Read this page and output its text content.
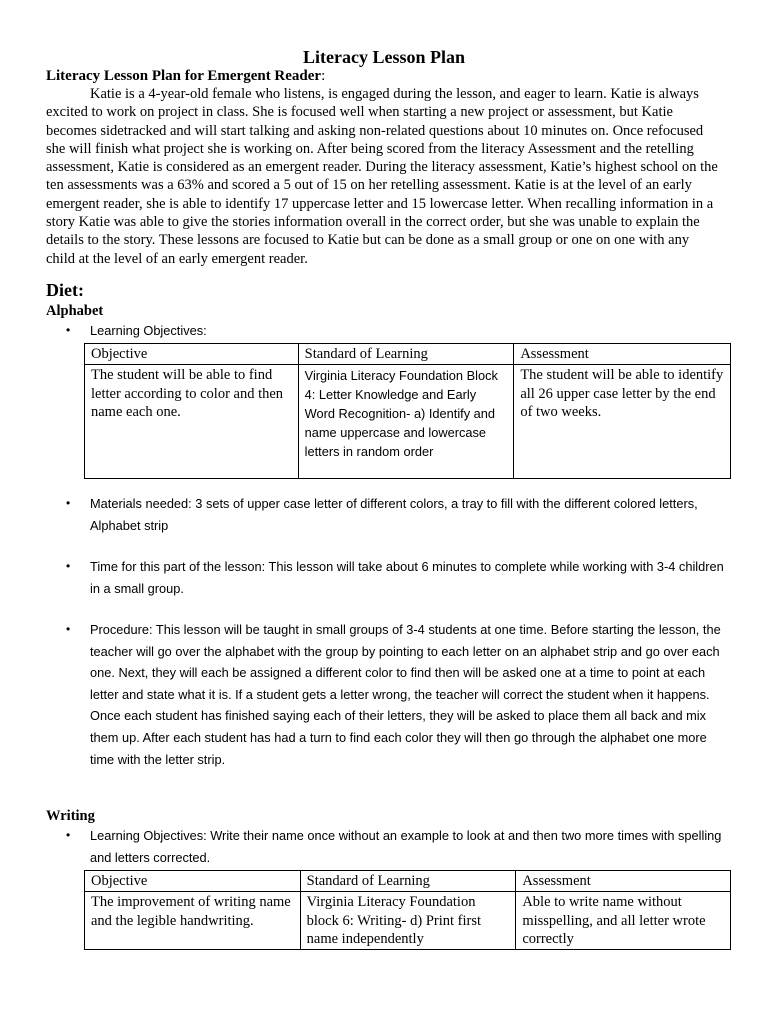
Literacy Lesson Plan
Literacy Lesson Plan for Emergent Reader:

Katie is a 4-year-old female who listens, is engaged during the lesson, and eager to learn. Katie is always excited to work on project in class. She is focused well when starting a new project or assessment, but Katie becomes sidetracked and will start talking and asking non-related questions about 10 minutes on. Once refocused she will finish what project she is working on. After being scored from the literacy Assessment and the retelling assessment, Katie is considered as an emergent reader. During the literacy assessment, Katie’s highest school on the ten assessments was a 63% and scored a 5 out of 15 on her retelling assessment. Katie is at the level of an early emergent reader, she is able to identify 17 uppercase letter and 15 lowercase letter. When recalling information in a story Katie was able to give the stories information overall in the correct order, but she was unable to explain the details to the story. These lessons are focused to Katie but can be done as a small group or one on one with any child at the level of an early emergent reader.

Diet:
Alphabet
•	Learning Objectives:
Objective	Standard of Learning	Assessment
The student will be able to find letter according to color and then name each one.	Virginia Literacy Foundation Block 4: Letter Knowledge and Early Word Recognition- a) Identify and name uppercase and lowercase letters in random order	The student will be able to identify all 26 upper case letter by the end of two weeks.
•	Materials needed: 3 sets of upper case letter of different colors, a tray to fill with the different colored letters, Alphabet strip
•	Time for this part of the lesson: This lesson will take about 6 minutes to complete while working with 3-4 children in a small group.
•	Procedure: This lesson will be taught in small groups of 3-4 students at one time. Before starting the lesson, the teacher will go over the alphabet with the group by pointing to each letter on an alphabet strip and go over each one. Next, they will each be assigned a different color to find then will be asked one at a time to point at each letter and state what it is. If a student gets a letter wrong, the teacher will correct the student when it happens. Once each student has finished saying each of their letters, they will be asked to place them all back and mix them up. After each student has had a turn to find each color they will then go through the alphabet one more time with the letter strip.
Writing
•	Learning Objectives: Write their name once without an example to look at and then two more times with spelling and letters corrected.
Objective	Standard of Learning	Assessment
The improvement of writing name and the legible handwriting.	Virginia Literacy Foundation block 6: Writing- d) Print first name independently	Able to write name without misspelling, and all letter wrote correctly
